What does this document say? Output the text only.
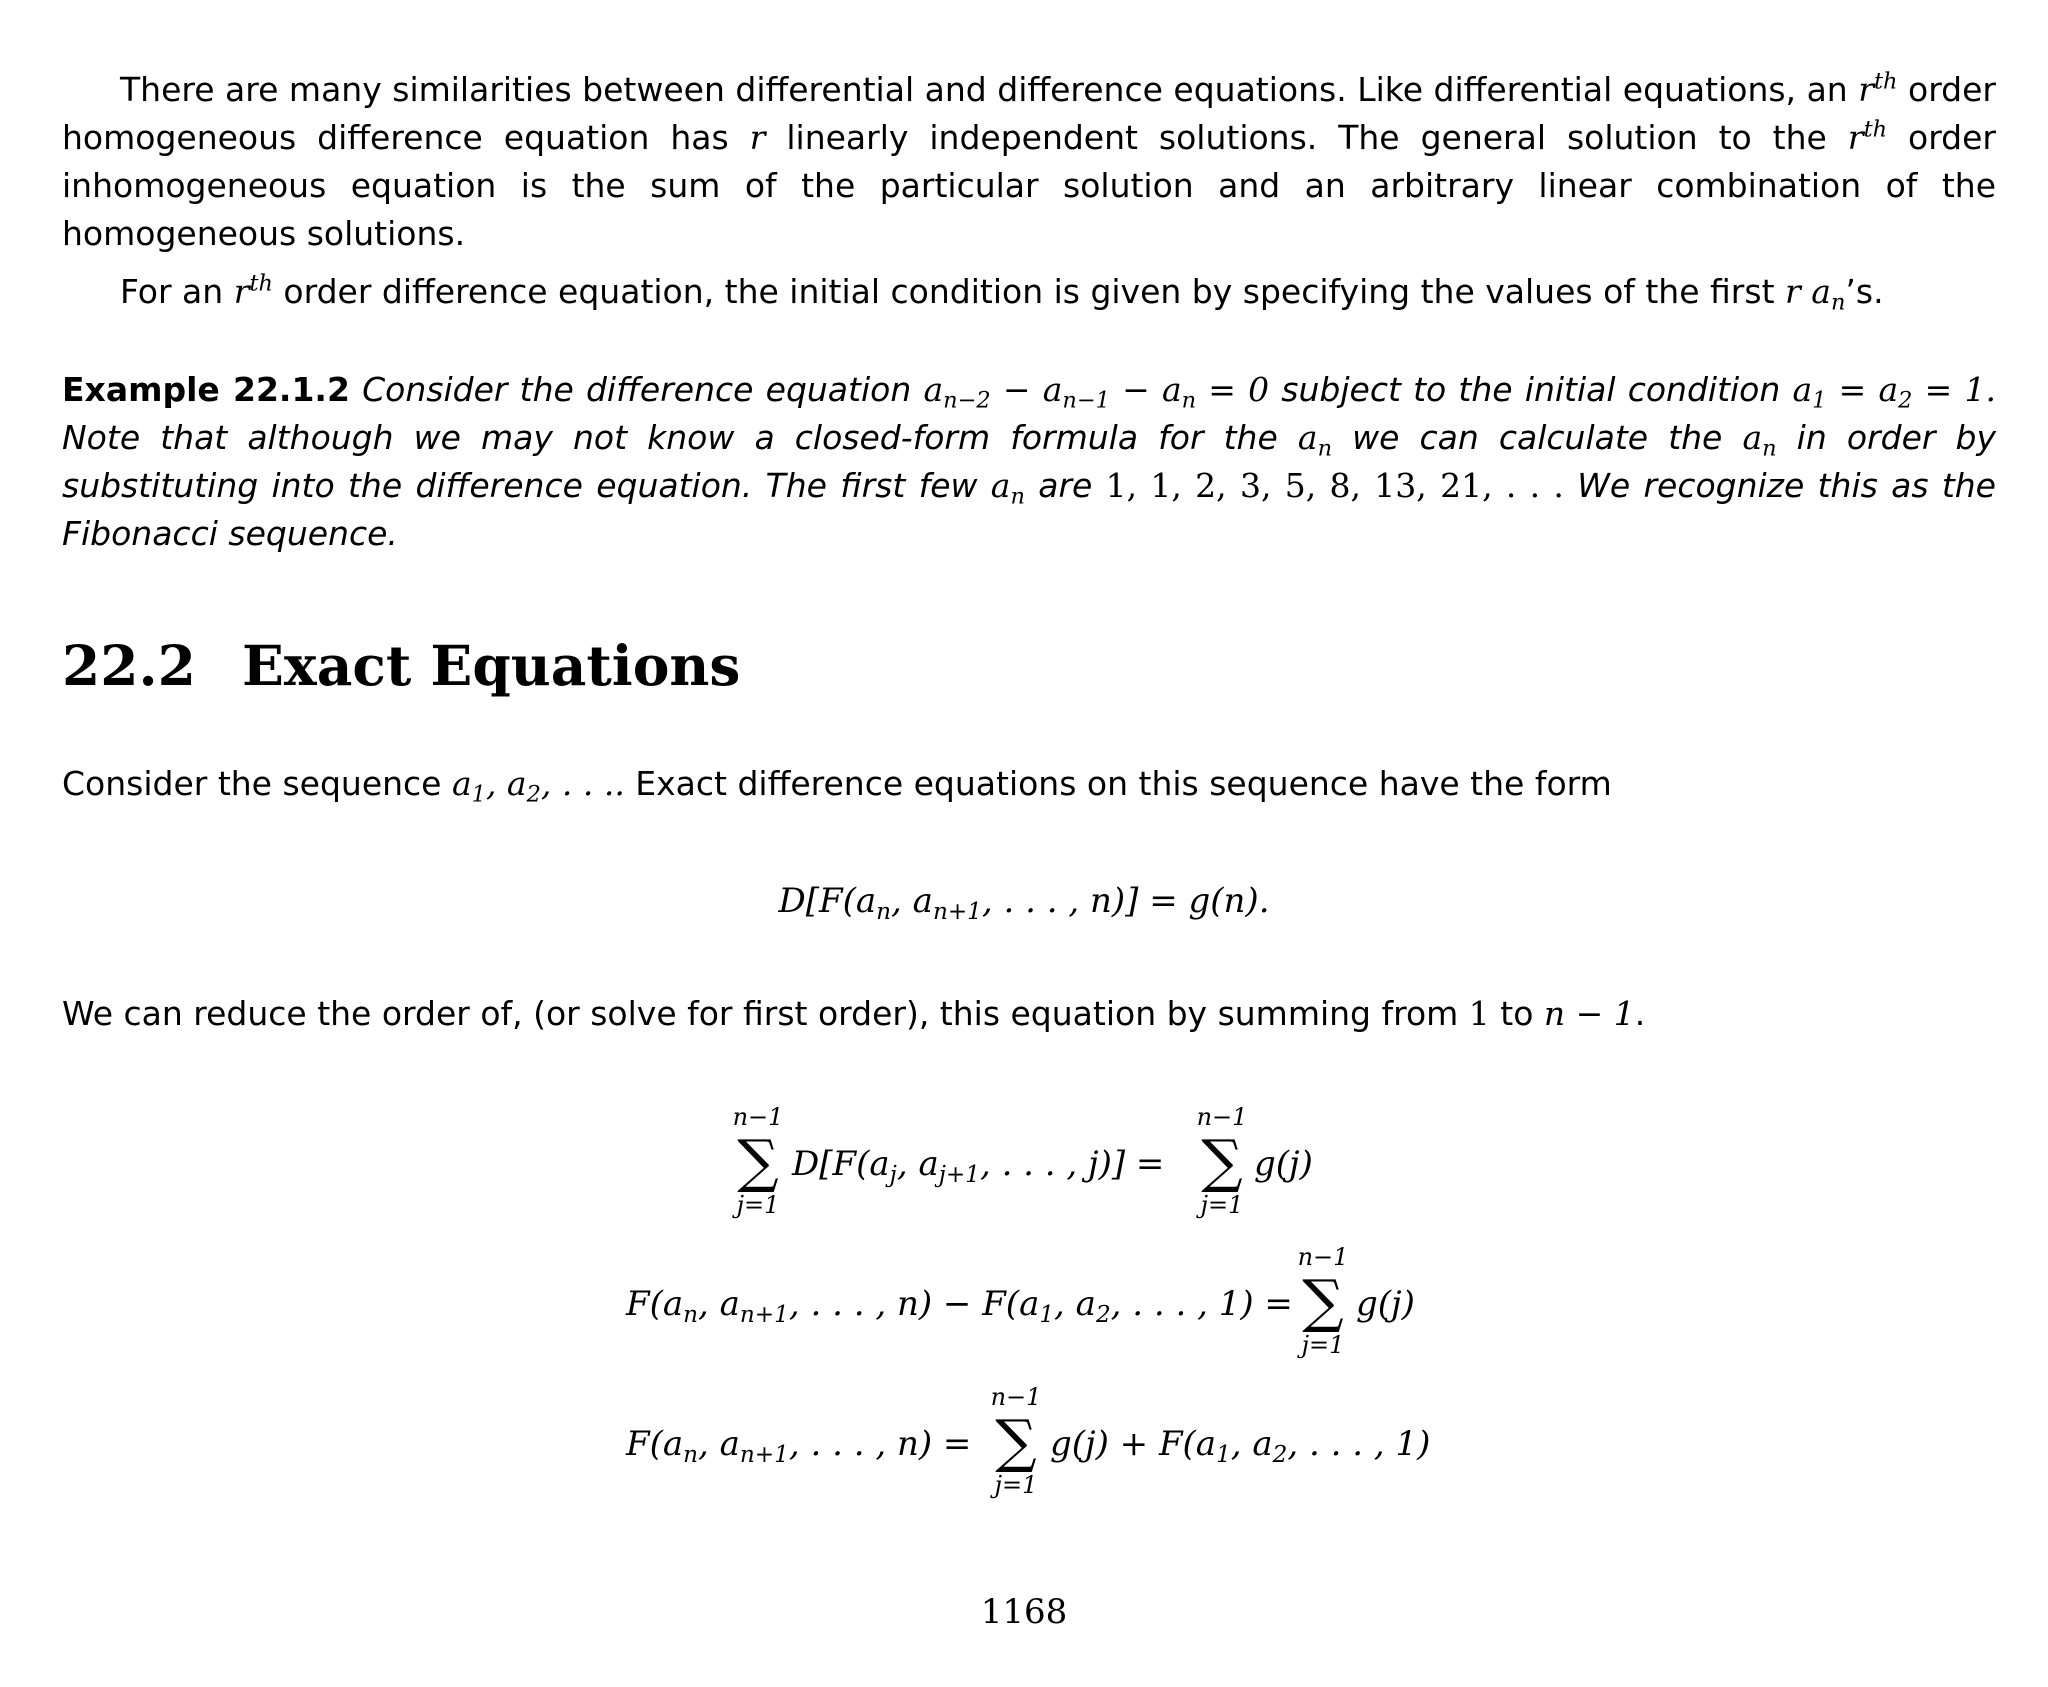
There are many similarities between differential and difference equations. Like differential equations, an $r^{th}$ order homogeneous difference equation has r linearly independent solutions. The general solution to the $r^{th}$ order inhomogeneous equation is the sum of the particular solution and an arbitrary linear combination of the homogeneous solutions.

For an $r^{th}$ order difference equation, the initial condition is given by specifying the values of the first r $a_n’s$.

Example 22.1.2 Consider the difference equation $a_{n-2} - a_{n-1} - a_n = 0$ subject to the initial condition $a_1 = a_2 = 1$. Note that although we may not know a closed-form formula for the $a_n$ we can calculate the $a_n$ in order by substituting into the difference equation. The first few $a_n$ are 1, 1, 2, 3, 5, 8, 13, 21, . . . We recognize this as the Fibonacci sequence.

22.2 Exact Equations

Consider the sequence $a_1$, $a_2$, . . .. Exact difference equations on this sequence have the form

$D[F(a_n$, $a_{n+1}$, . . . , n)] = g(n).

We can reduce the order of, (or solve for first order), this equation by summing from 1 to n − 1.

n−1
∑
j=1
$D[F(a_j$, $a_{j+1}$, . . . , j)] =
n−1
∑
j=1
g(j)
$F(a_n$, $a_{n+1}$, . . . , $n) - F(a_1$, $a_2$, . . . , 1) =
n−1
∑
j=1
g(j)
$F(a_n$, $a_{n+1}$, . . . , n) =
n−1
∑
j=1
$g(j) + F(a_1$, $a_2$, . . . , 1)
1168
